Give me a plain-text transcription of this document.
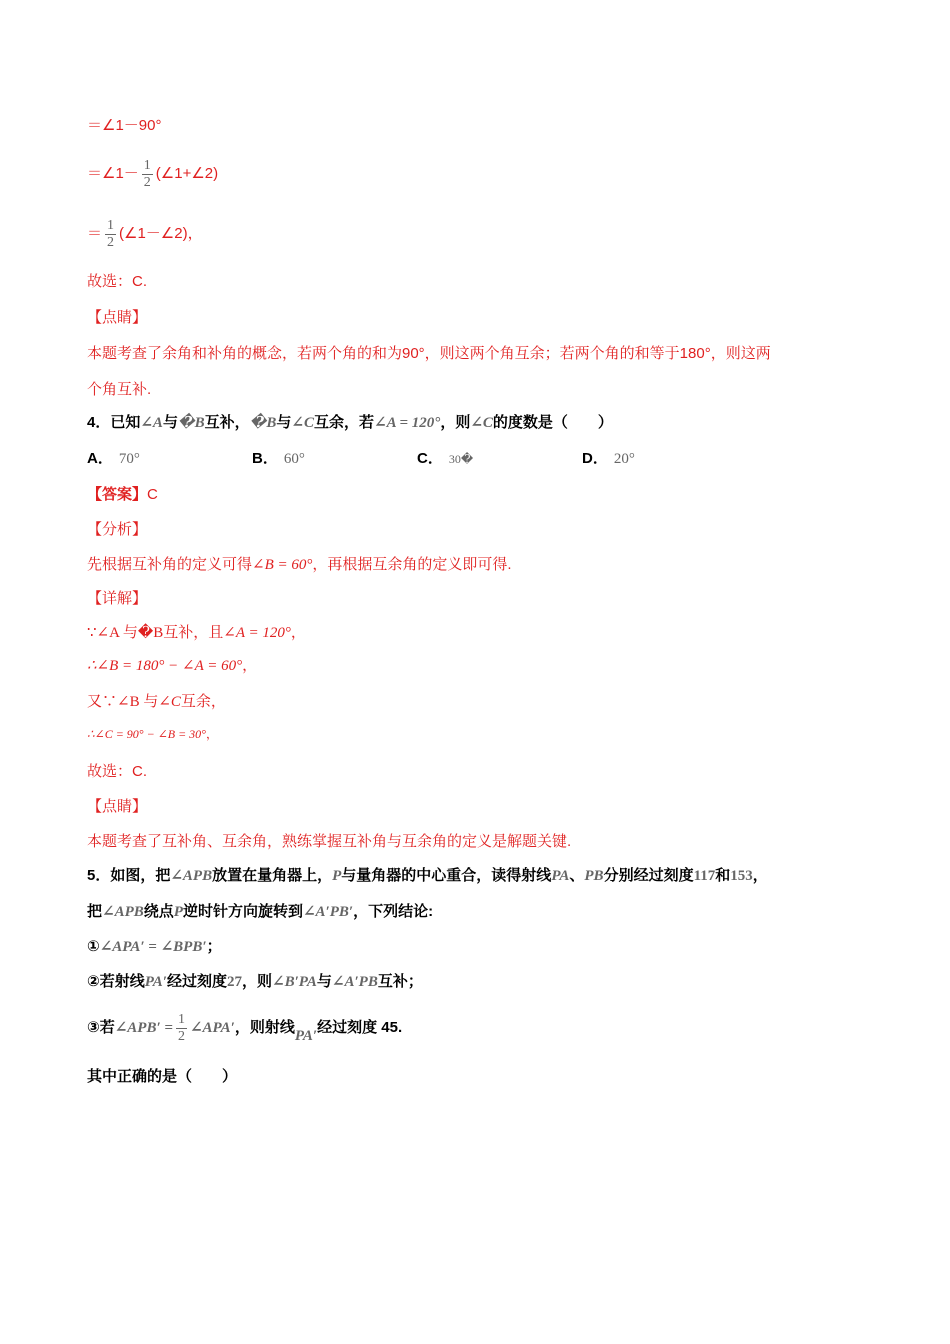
＝∠1－90°
＝∠1－ $\frac{1}{2}$ (∠1+∠2)
＝ $\frac{1}{2}$ (∠1－∠2)，
故选：C.
【点睛】
本题考查了余角和补角的概念，若两个角的和为90°，则这两个角互余；若两个角的和等于180°，则这两
个角互补.
4．已知∠A与�B互补，�B与∠C互余，若∠A = 120°，则∠C的度数是（　　）
A． 70°	B． 60°	C． 30�	D． 20°
【答案】C
【分析】
先根据互补角的定义可得∠B = 60°，再根据互余角的定义即可得.
【详解】
∵∠A 与�B互补，且∠A = 120°，
∴∠B = 180° − ∠A = 60°，
又∵∠B 与∠C互余，
∴∠C = 90° − ∠B = 30°，
故选：C.
【点睛】
本题考查了互补角、互余角，熟练掌握互补角与互余角的定义是解题关键.
5．如图，把∠APB放置在量角器上，P与量角器的中心重合，读得射线PA、PB分别经过刻度117和153，
把∠APB绕点P逆时针方向旋转到∠A′PB′，下列结论:
①∠APA′ = ∠BPB′；
②若射线PA′经过刻度27，则∠B′PA与∠A′PB互补；
③若∠APB′ = $\frac{1}{2}$ ∠APA′，则射线PA′经过刻度 45.
其中正确的是（　　）
